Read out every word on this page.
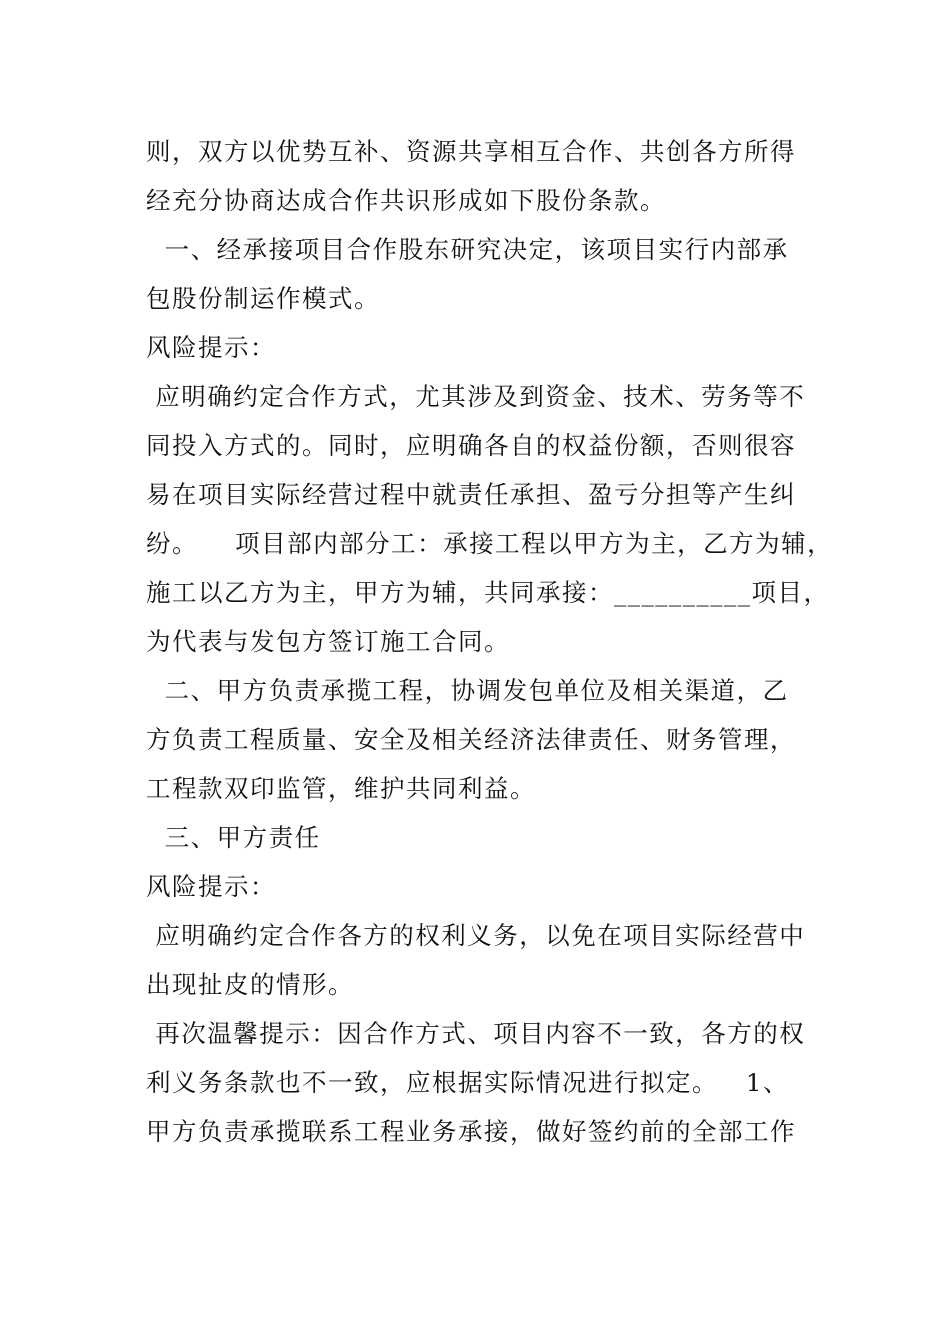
则，双方以优势互补、资源共享相互合作、共创各方所得
经充分协商达成合作共识形成如下股份条款。
一、经承接项目合作股东研究决定，该项目实行内部承
包股份制运作模式。
风险提示：
应明确约定合作方式，尤其涉及到资金、技术、劳务等不
同投入方式的。同时，应明确各自的权益份额，否则很容
易在项目实际经营过程中就责任承担、盈亏分担等产生纠
纷。    项目部内部分工：承接工程以甲方为主，乙方为辅，
施工以乙方为主，甲方为辅，共同承接：__________项目，
为代表与发包方签订施工合同。
二、甲方负责承揽工程，协调发包单位及相关渠道，乙
方负责工程质量、安全及相关经济法律责任、财务管理，
工程款双印监管，维护共同利益。
三、甲方责任
风险提示：
应明确约定合作各方的权利义务，以免在项目实际经营中
出现扯皮的情形。
再次温馨提示：因合作方式、项目内容不一致，各方的权
利义务条款也不一致，应根据实际情况进行拟定。   1、
甲方负责承揽联系工程业务承接，做好签约前的全部工作
